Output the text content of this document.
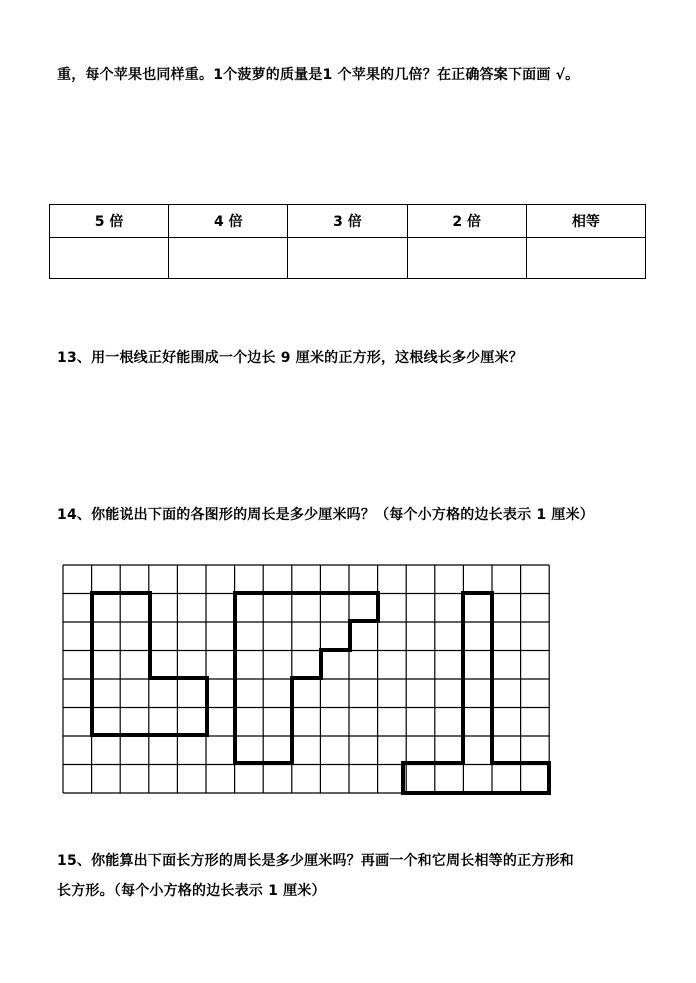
重，每个苹果也同样重。1个菠萝的质量是1 个苹果的几倍？在正确答案下面画 √。
5 倍	4 倍	3 倍	2 倍	相等

13、用一根线正好能围成一个边长 9 厘米的正方形，这根线长多少厘米？
14、你能说出下面的各图形的周长是多少厘米吗？（每个小方格的边长表示 1 厘米）
15、你能算出下面长方形的周长是多少厘米吗？再画一个和它周长相等的正方形和
长方形。（每个小方格的边长表示 1 厘米）
